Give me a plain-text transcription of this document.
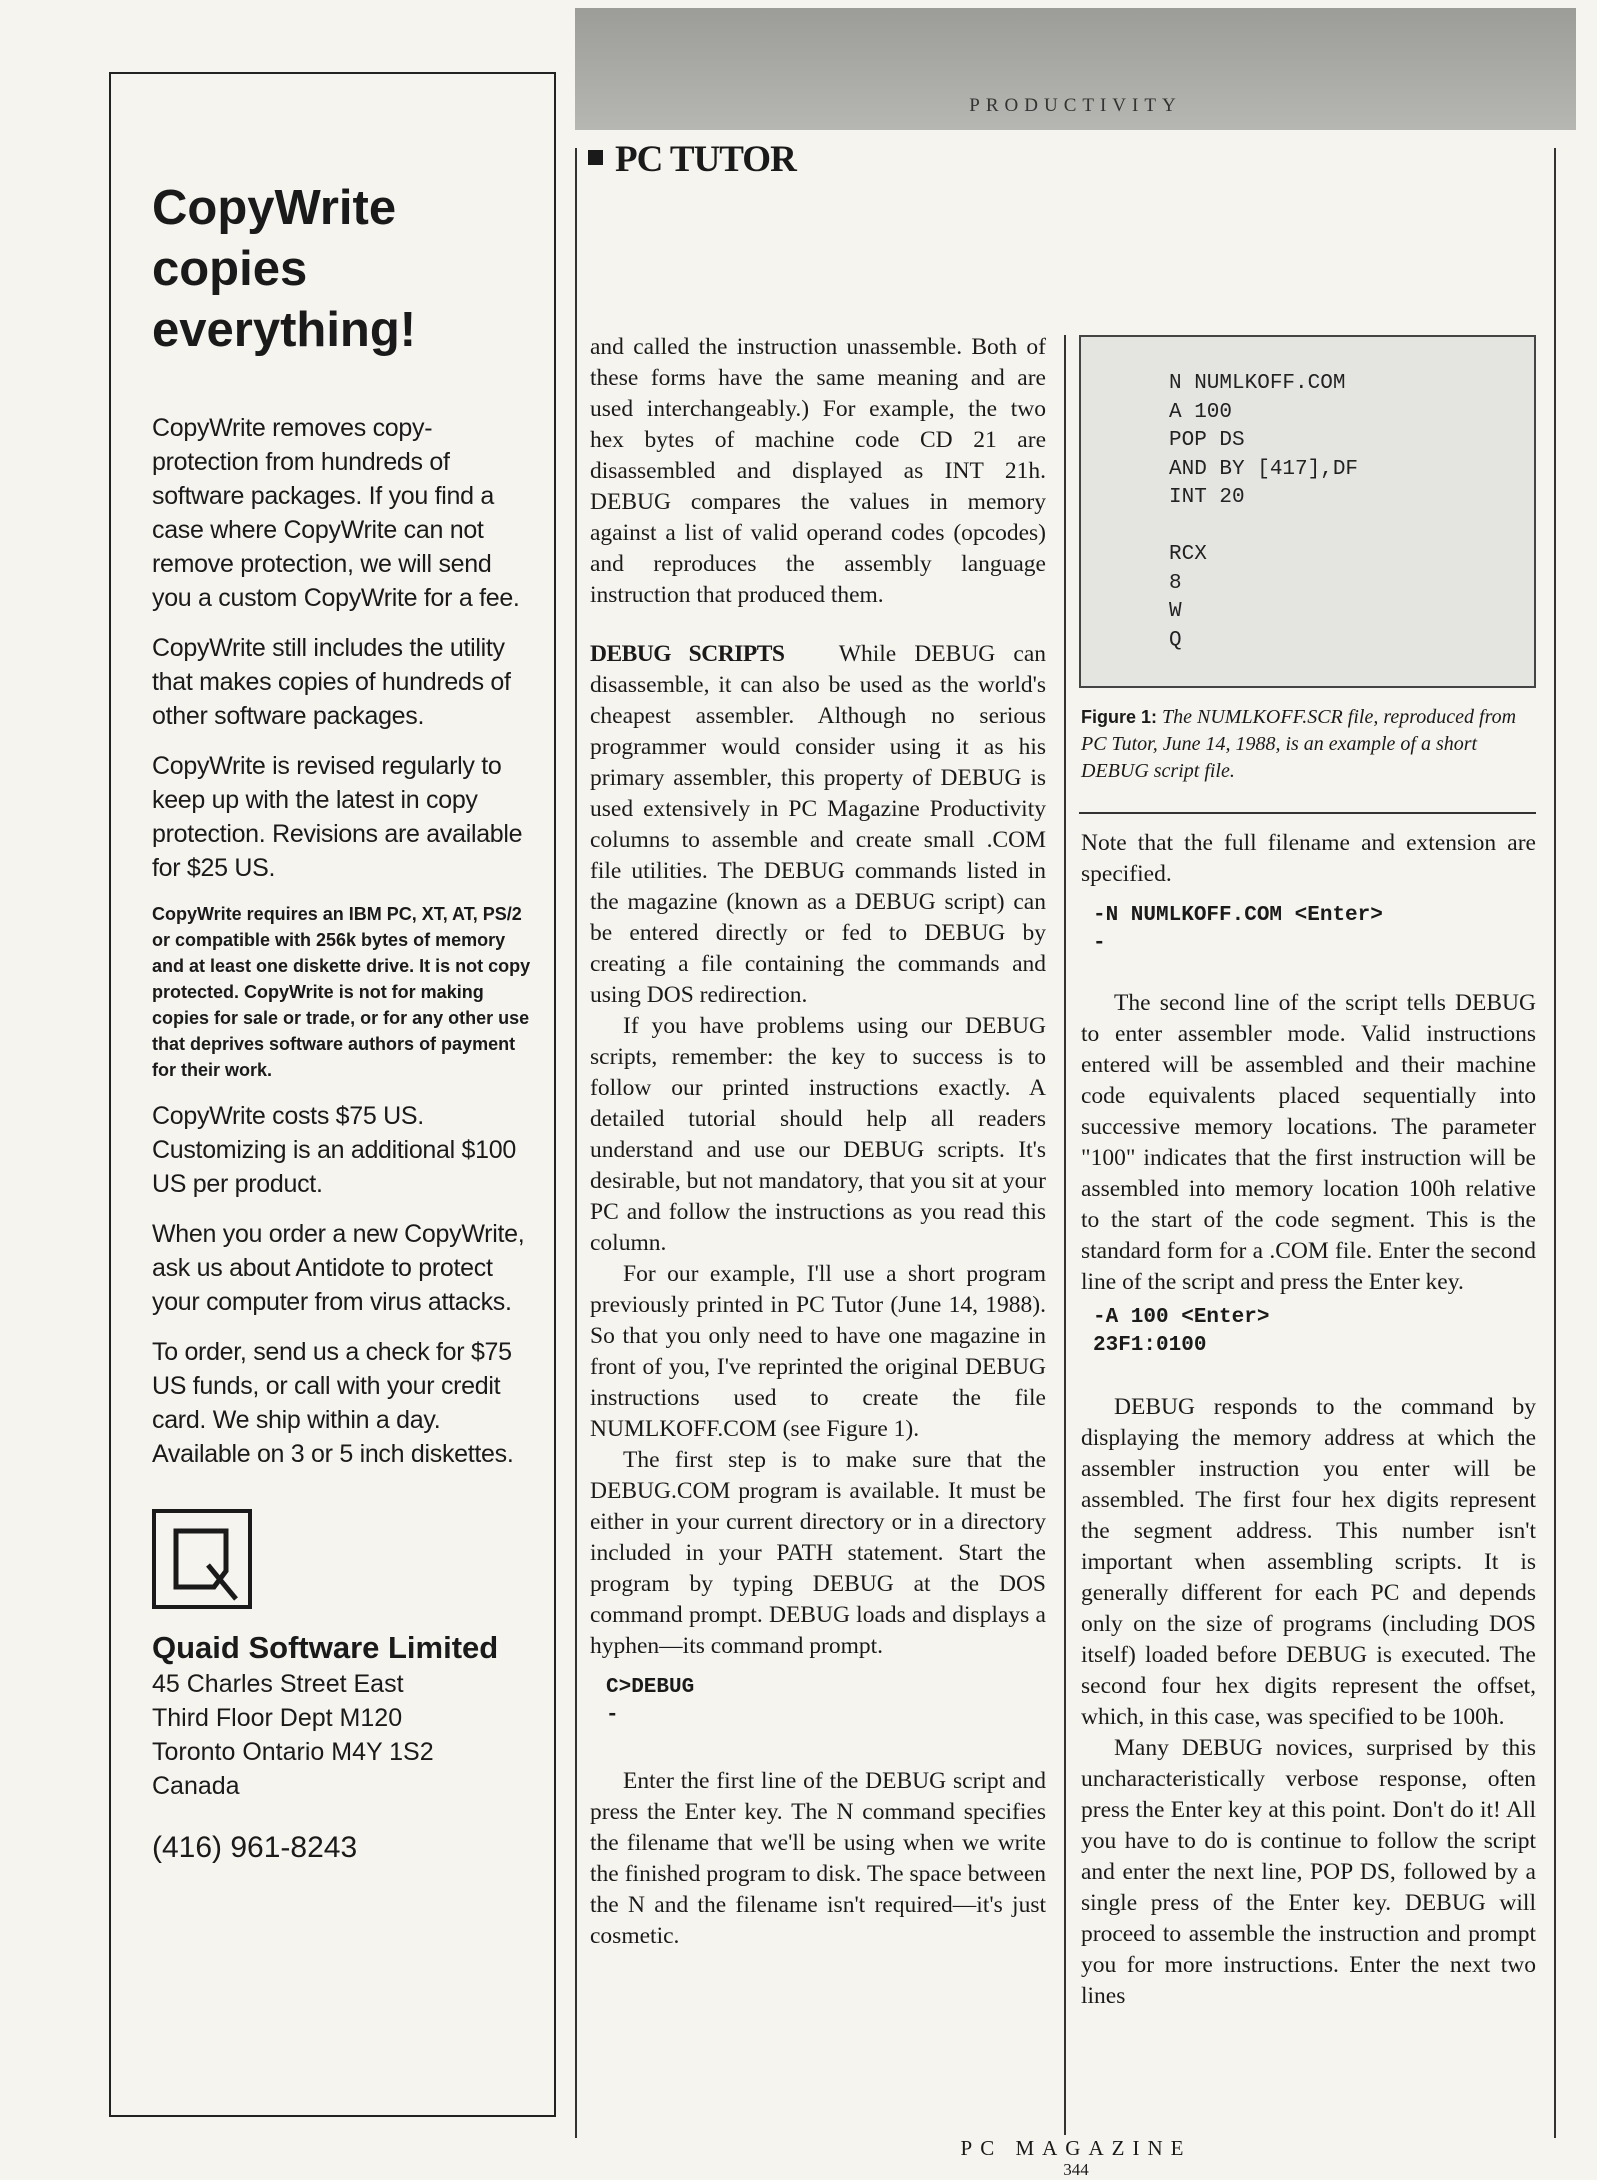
PRODUCTIVITY
PC TUTOR
CopyWrite copies everything!

CopyWrite removes copy-protection from hundreds of software packages. If you find a case where CopyWrite can not remove protection, we will send you a custom CopyWrite for a fee.

CopyWrite still includes the utility that makes copies of hundreds of other software packages.

CopyWrite is revised regularly to keep up with the latest in copy protection. Revisions are available for $25 US.

CopyWrite requires an IBM PC, XT, AT, PS/2 or compatible with 256k bytes of memory and at least one diskette drive. It is not copy protected. CopyWrite is not for making copies for sale or trade, or for any other use that deprives software authors of payment for their work.

CopyWrite costs $75 US. Customizing is an additional $100 US per product.

When you order a new CopyWrite, ask us about Antidote to protect your computer from virus attacks.

To order, send us a check for $75 US funds, or call with your credit card. We ship within a day. Available on 3 or 5 inch diskettes.

Quaid Software Limited
45 Charles Street East
Third Floor Dept M120
Toronto Ontario M4Y 1S2
Canada
(416) 961-8243

and called the instruction unassemble. Both of these forms have the same meaning and are used interchangeably.) For example, the two hex bytes of machine code CD 21 are disassembled and displayed as INT 21h. DEBUG compares the values in memory against a list of valid operand codes (opcodes) and reproduces the assembly language instruction that produced them.

DEBUG SCRIPTS While DEBUG can disassemble, it can also be used as the world's cheapest assembler. Although no serious programmer would consider using it as his primary assembler, this property of DEBUG is used extensively in PC Magazine Productivity columns to assemble and create small .COM file utilities. The DEBUG commands listed in the magazine (known as a DEBUG script) can be entered directly or fed to DEBUG by creating a file containing the commands and using DOS redirection.

If you have problems using our DEBUG scripts, remember: the key to success is to follow our printed instructions exactly. A detailed tutorial should help all readers understand and use our DEBUG scripts. It's desirable, but not mandatory, that you sit at your PC and follow the instructions as you read this column.

For our example, I'll use a short program previously printed in PC Tutor (June 14, 1988). So that you only need to have one magazine in front of you, I've reprinted the original DEBUG instructions used to create the file NUMLKOFF.COM (see Figure 1).

The first step is to make sure that the DEBUG.COM program is available. It must be either in your current directory or in a directory included in your PATH statement. Start the program by typing DEBUG at the DOS command prompt. DEBUG loads and displays a hyphen—its command prompt.

C>DEBUG
-

Enter the first line of the DEBUG script and press the Enter key. The N command specifies the filename that we'll be using when we write the finished program to disk. The space between the N and the filename isn't required—it's just cosmetic.

N NUMLKOFF.COM
A 100
POP DS
AND BY [417],DF
INT 20

RCX
8
W
Q
Figure 1: The NUMLKOFF.SCR file, reproduced from PC Tutor, June 14, 1988, is an example of a short DEBUG script file.

Note that the full filename and extension are specified.

-N NUMLKOFF.COM <Enter>
-

The second line of the script tells DEBUG to enter assembler mode. Valid instructions entered will be assembled and their machine code equivalents placed sequentially into successive memory locations. The parameter "100" indicates that the first instruction will be assembled into memory location 100h relative to the start of the code segment. This is the standard form for a .COM file. Enter the second line of the script and press the Enter key.

-A 100 <Enter>
23F1:0100

DEBUG responds to the command by displaying the memory address at which the assembler instruction you enter will be assembled. The first four hex digits represent the segment address. This number isn't important when assembling scripts. It is generally different for each PC and depends only on the size of programs (including DOS itself) loaded before DEBUG is executed. The second four hex digits represent the offset, which, in this case, was specified to be 100h.

Many DEBUG novices, surprised by this uncharacteristically verbose response, often press the Enter key at this point. Don't do it! All you have to do is continue to follow the script and enter the next line, POP DS, followed by a single press of the Enter key. DEBUG will proceed to assemble the instruction and prompt you for more instructions. Enter the next two lines

PC MAGAZINE
344
